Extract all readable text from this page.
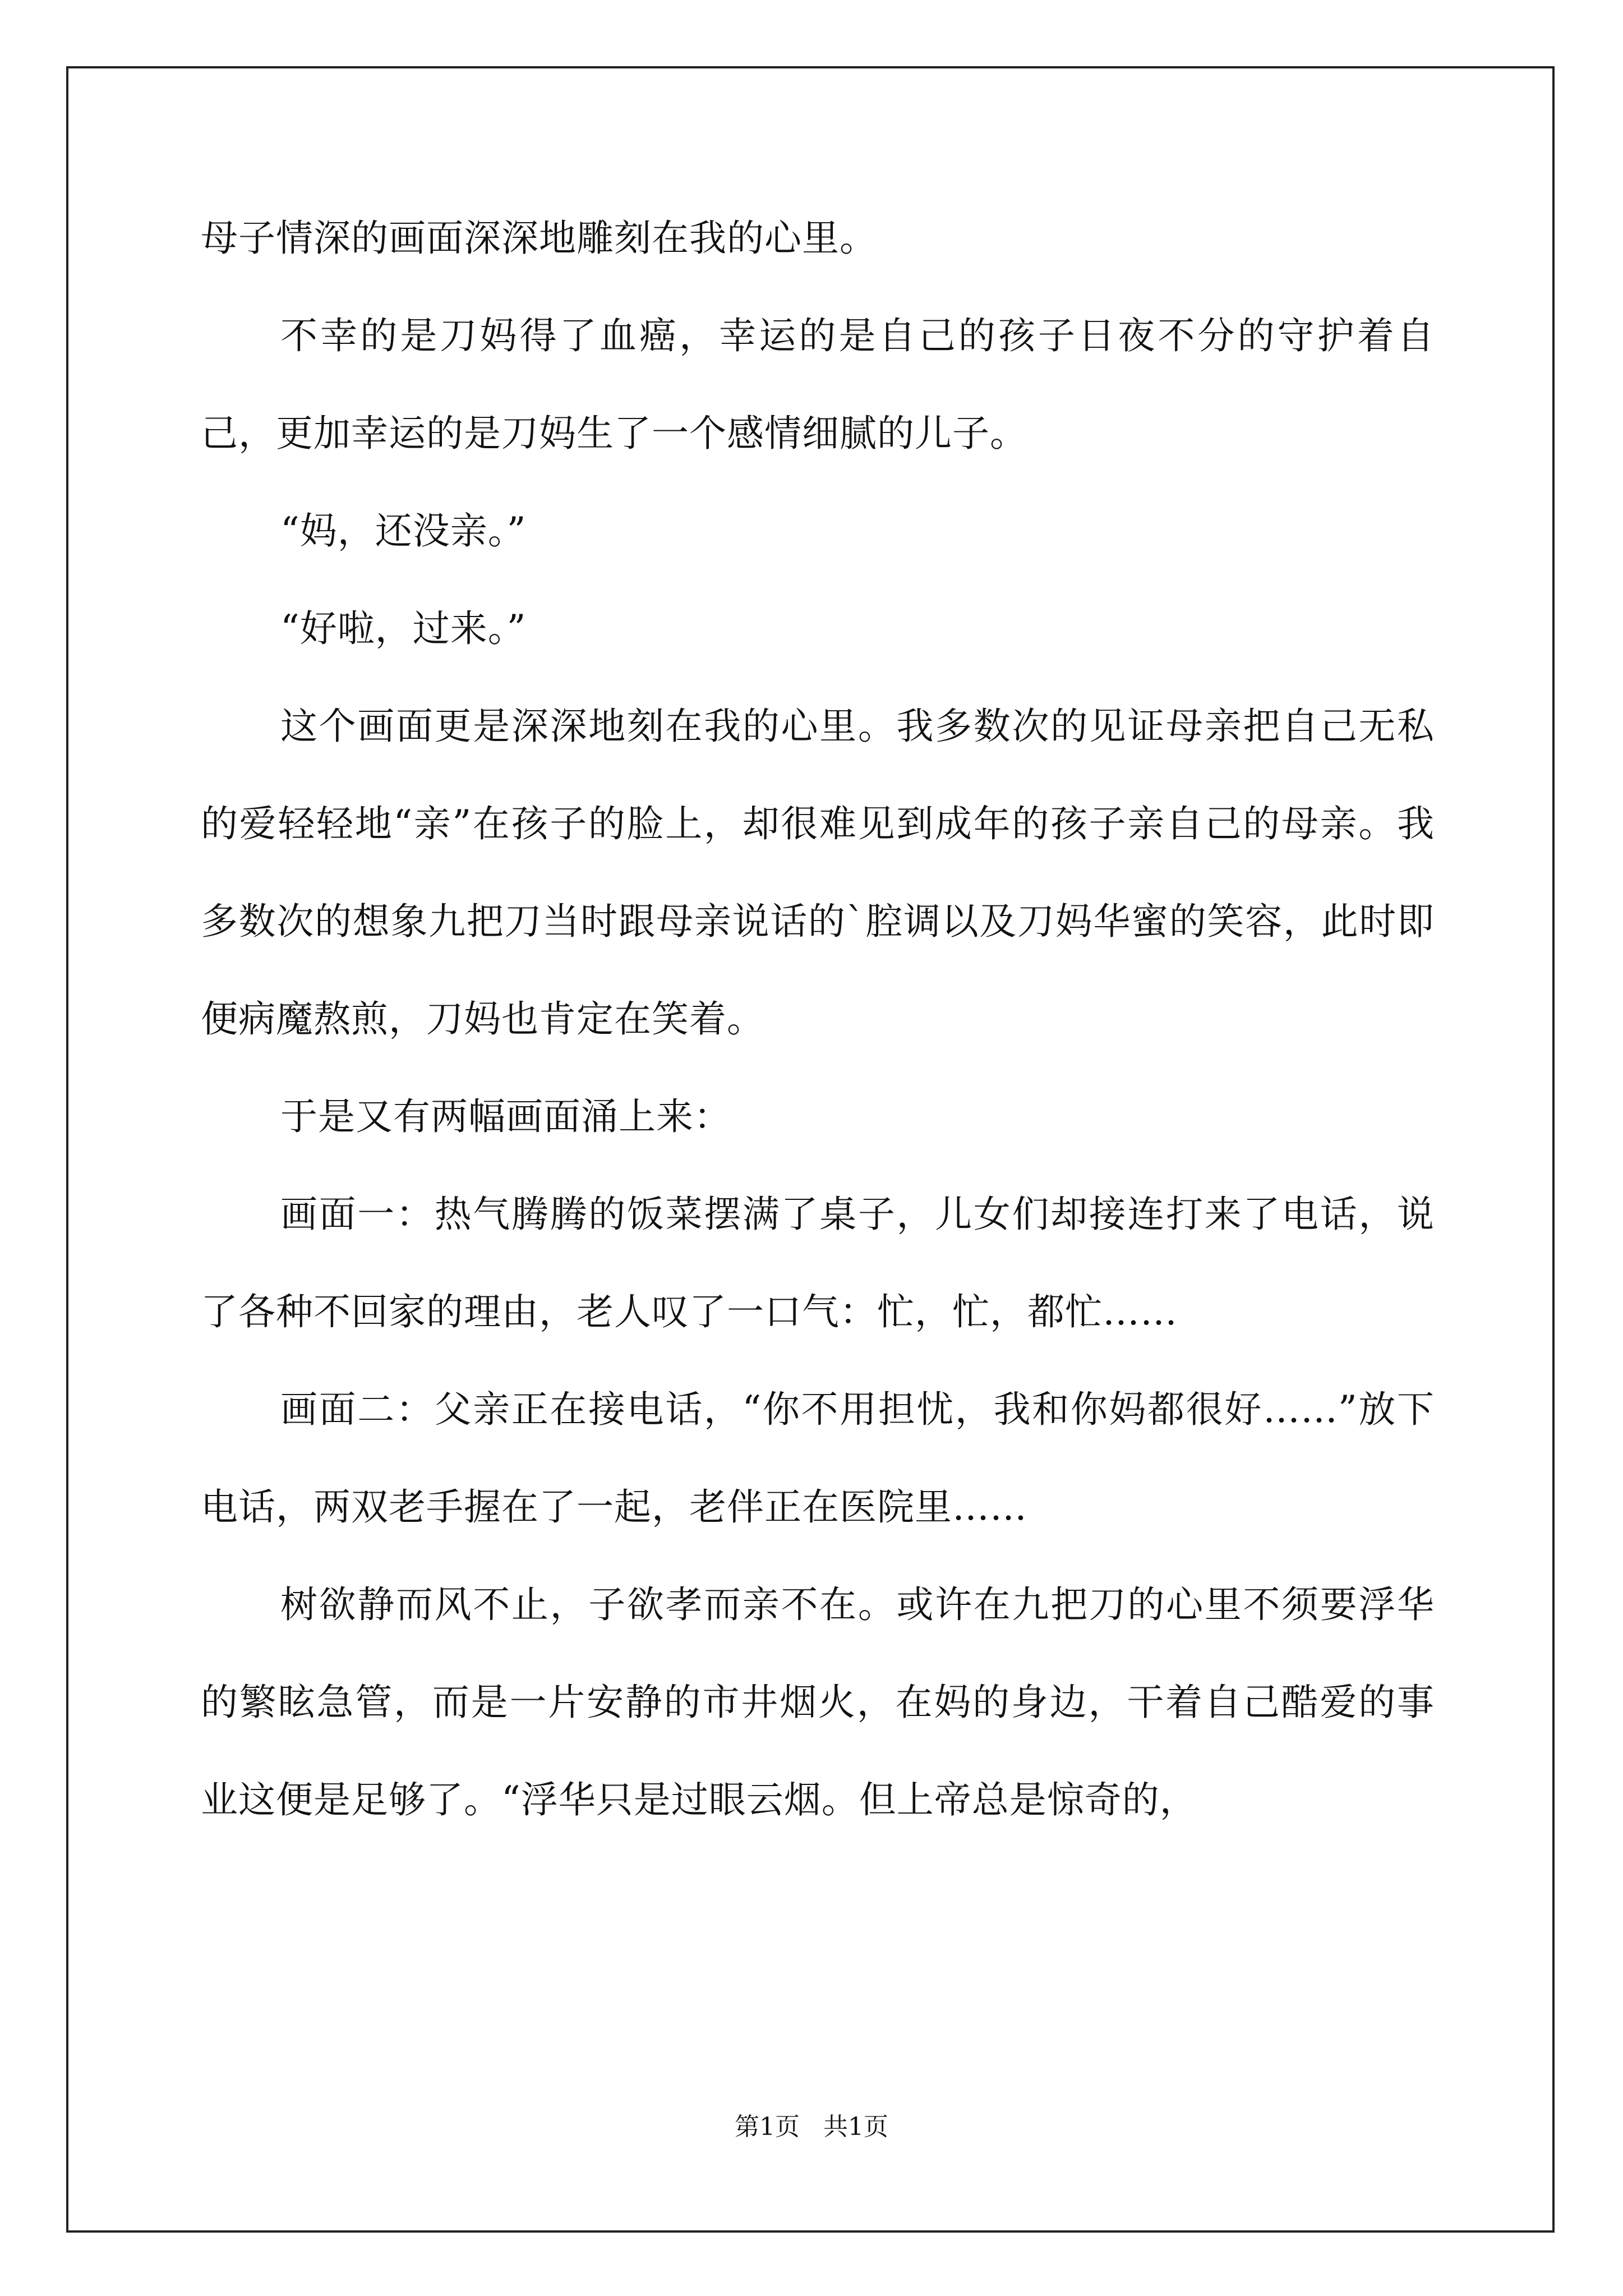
母子情深的画面深深地雕刻在我的心里。

不幸的是刀妈得了血癌，幸运的是自己的孩子日夜不分的守护着自己，更加幸运的是刀妈生了一个感情细腻的儿子。

“妈，还没亲。”

“好啦，过来。”

这个画面更是深深地刻在我的心里。我多数次的见证母亲把自己无私的爱轻轻地“亲”在孩子的脸上，却很难见到成年的孩子亲自己的母亲。我多数次的想象九把刀当时跟母亲说话的`腔调以及刀妈华蜜的笑容，此时即便病魔熬煎，刀妈也肯定在笑着。

于是又有两幅画面涌上来：

画面一：热气腾腾的饭菜摆满了桌子，儿女们却接连打来了电话，说了各种不回家的理由，老人叹了一口气：忙，忙，都忙……

画面二：父亲正在接电话，“你不用担忧，我和你妈都很好……”放下电话，两双老手握在了一起，老伴正在医院里……

树欲静而风不止，子欲孝而亲不在。或许在九把刀的心里不须要浮华的繁眩急管，而是一片安静的市井烟火，在妈的身边，干着自己酷爱的事业这便是足够了。“浮华只是过眼云烟。但上帝总是惊奇的，

第1页 共1页
